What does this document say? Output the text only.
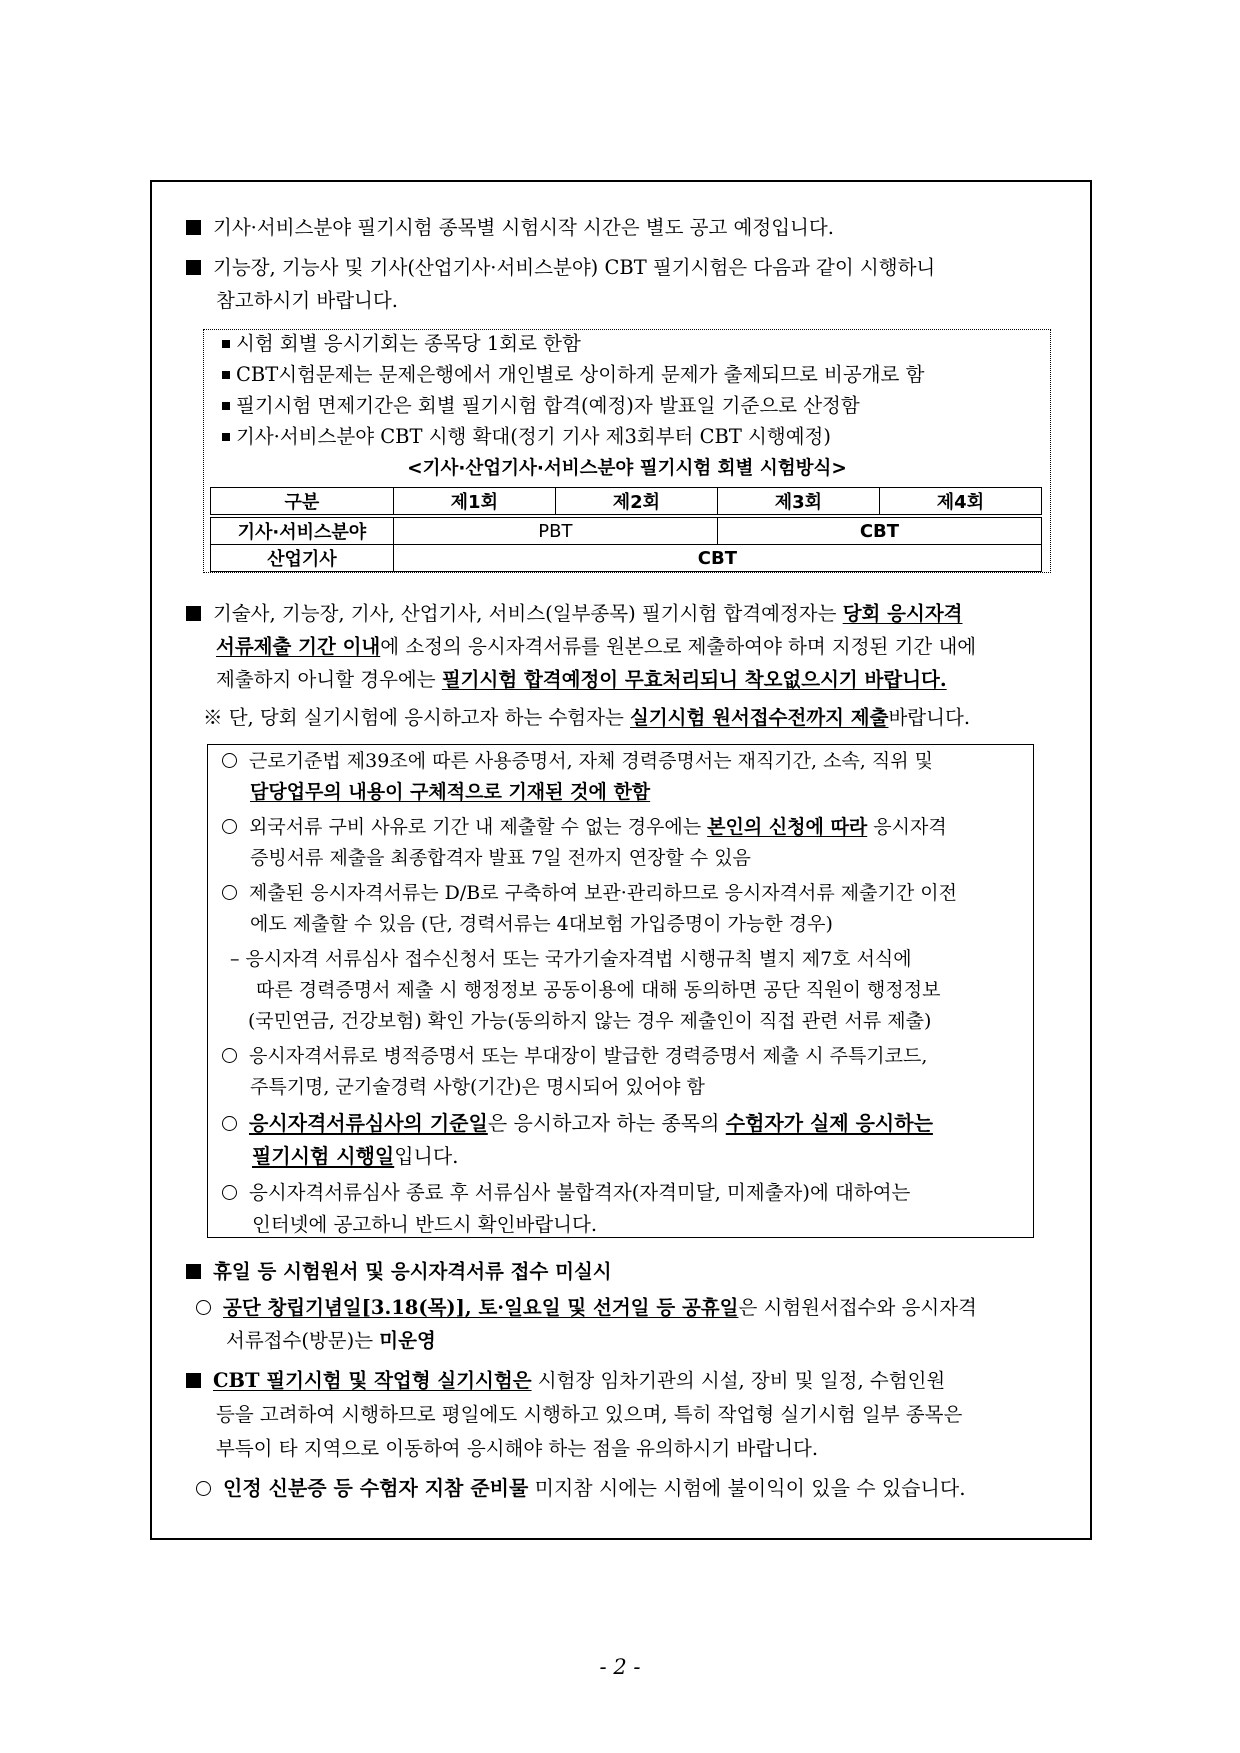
기사·서비스분야 필기시험 종목별 시험시작 시간은 별도 공고 예정입니다.
기능장, 기능사 및 기사(산업기사·서비스분야) CBT 필기시험은 다음과 같이 시행하니
참고하시기 바랍니다.
시험 회별 응시기회는 종목당 1회로 한함
CBT시험문제는 문제은행에서 개인별로 상이하게 문제가 출제되므로 비공개로 함
필기시험 면제기간은 회별 필기시험 합격(예정)자 발표일 기준으로 산정함
기사·서비스분야 CBT 시행 확대(정기 기사 제3회부터 CBT 시행예정)
<기사·산업기사·서비스분야 필기시험 회별 시험방식>
구분	제1회	제2회	제3회	제4회
기사·서비스분야	PBT		CBT	
산업기사	CBT			
기술사, 기능장, 기사, 산업기사, 서비스(일부종목) 필기시험 합격예정자는 당회 응시자격
서류제출 기간 이내에 소정의 응시자격서류를 원본으로 제출하여야 하며 지정된 기간 내에
제출하지 아니할 경우에는 필기시험 합격예정이 무효처리되니 착오없으시기 바랍니다.
※ 단, 당회 실기시험에 응시하고자 하는 수험자는 실기시험 원서접수전까지 제출바랍니다.
근로기준법 제39조에 따른 사용증명서, 자체 경력증명서는 재직기간, 소속, 직위 및
담당업무의 내용이 구체적으로 기재된 것에 한함
외국서류 구비 사유로 기간 내 제출할 수 없는 경우에는 본인의 신청에 따라 응시자격
증빙서류 제출을 최종합격자 발표 7일 전까지 연장할 수 있음
제출된 응시자격서류는 D/B로 구축하여 보관·관리하므로 응시자격서류 제출기간 이전
에도 제출할 수 있음 (단, 경력서류는 4대보험 가입증명이 가능한 경우)
– 응시자격 서류심사 접수신청서 또는 국가기술자격법 시행규칙 별지 제7호 서식에
따른 경력증명서 제출 시 행정정보 공동이용에 대해 동의하면 공단 직원이 행정정보
(국민연금, 건강보험) 확인 가능(동의하지 않는 경우 제출인이 직접 관련 서류 제출)
응시자격서류로 병적증명서 또는 부대장이 발급한 경력증명서 제출 시 주특기코드,
주특기명, 군기술경력 사항(기간)은 명시되어 있어야 함
응시자격서류심사의 기준일은 응시하고자 하는 종목의 수험자가 실제 응시하는
필기시험 시행일입니다.
응시자격서류심사 종료 후 서류심사 불합격자(자격미달, 미제출자)에 대하여는
인터넷에 공고하니 반드시 확인바랍니다.
휴일 등 시험원서 및 응시자격서류 접수 미실시
공단 창립기념일[3.18(목)], 토·일요일 및 선거일 등 공휴일은 시험원서접수와 응시자격
서류접수(방문)는 미운영
CBT 필기시험 및 작업형 실기시험은 시험장 임차기관의 시설, 장비 및 일정, 수험인원
등을 고려하여 시행하므로 평일에도 시행하고 있으며, 특히 작업형 실기시험 일부 종목은
부득이 타 지역으로 이동하여 응시해야 하는 점을 유의하시기 바랍니다.
인정 신분증 등 수험자 지참 준비물 미지참 시에는 시험에 불이익이 있을 수 있습니다.
- 2 -
